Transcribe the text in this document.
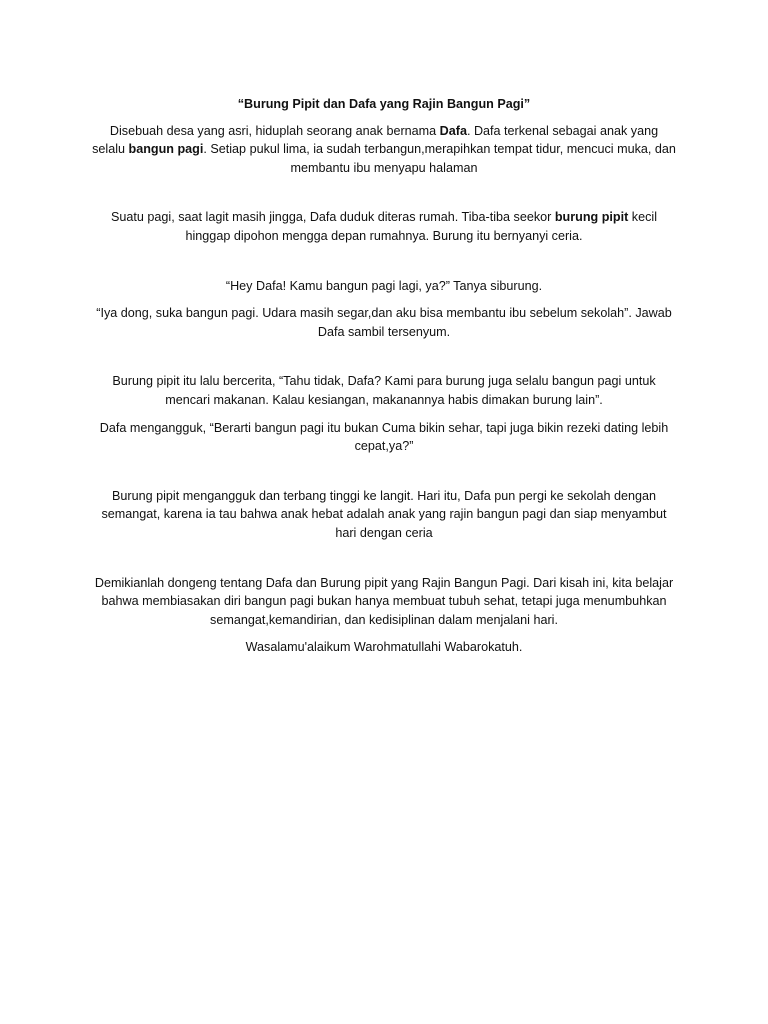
“Burung Pipit dan Dafa yang Rajin Bangun Pagi”

Disebuah desa yang asri, hiduplah seorang anak bernama Dafa. Dafa terkenal sebagai anak yang selalu bangun pagi. Setiap pukul lima, ia sudah terbangun,merapihkan tempat tidur, mencuci muka, dan membantu ibu menyapu halaman

Suatu pagi, saat lagit masih jingga, Dafa duduk diteras rumah. Tiba-tiba seekor burung pipit kecil hinggap dipohon mengga depan rumahnya. Burung itu bernyanyi ceria.

“Hey Dafa! Kamu bangun pagi lagi, ya?” Tanya siburung.

“Iya dong, suka bangun pagi. Udara masih segar,dan aku bisa membantu ibu sebelum sekolah”. Jawab Dafa sambil tersenyum.

Burung pipit itu lalu bercerita, “Tahu tidak, Dafa? Kami para burung juga selalu bangun pagi untuk mencari makanan. Kalau kesiangan, makanannya habis dimakan burung lain”.

Dafa mengangguk, “Berarti bangun pagi itu bukan Cuma bikin sehar, tapi juga bikin rezeki dating lebih cepat,ya?”

Burung pipit mengangguk dan terbang tinggi ke langit. Hari itu, Dafa pun pergi ke sekolah dengan semangat, karena ia tau bahwa anak hebat adalah anak yang rajin bangun pagi dan siap menyambut hari dengan ceria

Demikianlah dongeng tentang Dafa dan Burung pipit yang Rajin Bangun Pagi. Dari kisah ini, kita belajar bahwa membiasakan diri bangun pagi bukan hanya membuat tubuh sehat, tetapi juga menumbuhkan semangat,kemandirian, dan kedisiplinan dalam menjalani hari.

Wasalamu'alaikum Warohmatullahi Wabarokatuh.
